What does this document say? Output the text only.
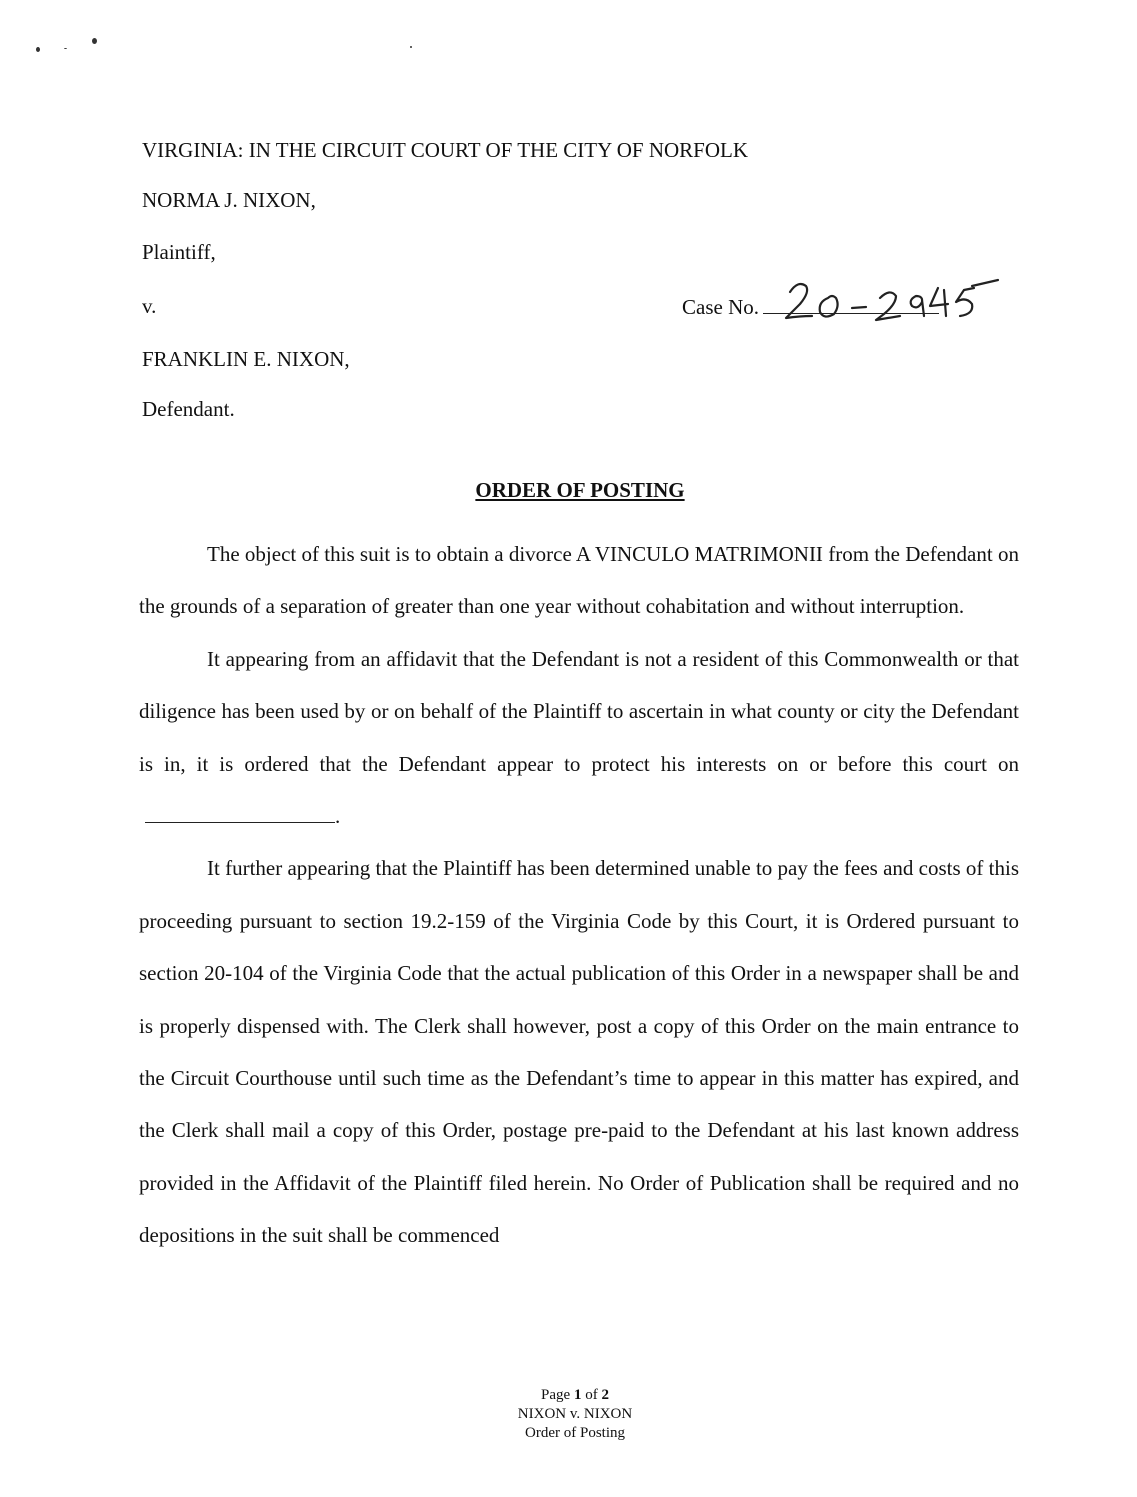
VIRGINIA: IN THE CIRCUIT COURT OF THE CITY OF NORFOLK
NORMA J. NIXON,
Plaintiff,
v.
FRANKLIN E. NIXON,
Defendant.
Case No.
ORDER OF POSTING

The object of this suit is to obtain a divorce A VINCULO MATRIMONII from the Defendant on the grounds of a separation of greater than one year without cohabitation and without interruption.

It appearing from an affidavit that the Defendant is not a resident of this Commonwealth or that diligence has been used by or on behalf of the Plaintiff to ascertain in what county or city the Defendant is in, it is ordered that the Defendant appear to protect his interests on or before this court on.

It further appearing that the Plaintiff has been determined unable to pay the fees and costs of this proceeding pursuant to section 19.2-159 of the Virginia Code by this Court, it is Ordered pursuant to section 20-104 of the Virginia Code that the actual publication of this Order in a newspaper shall be and is properly dispensed with. The Clerk shall however, post a copy of this Order on the main entrance to the Circuit Courthouse until such time as the Defendant’s time to appear in this matter has expired, and the Clerk shall mail a copy of this Order, postage pre-paid to the Defendant at his last known address provided in the Affidavit of the Plaintiff filed herein. No Order of Publication shall be required and no depositions in the suit shall be commenced

Page 1 of 2
NIXON v. NIXON
Order of Posting
